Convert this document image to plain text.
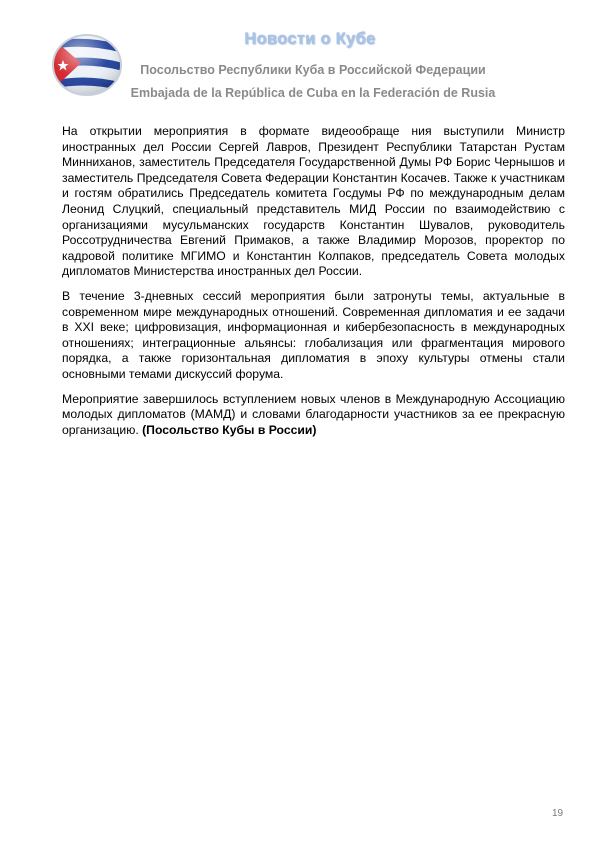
Новости о Кубе
Посольство Республики Куба в Российской Федерации
Embajada de la República de Cuba en la Federación de Rusia

На открытии мероприятия в формате видеообраще ния выступили Министр иностранных дел России Сергей Лавров, Президент Республики Татарстан Рустам Минниханов, заместитель Председателя Государственной Думы РФ Борис Чернышов и заместитель Председателя Совета Федерации Константин Косачев. Также к участникам и гостям обратились Председатель комитета Госдумы РФ по международным делам Леонид Слуцкий, специальный представитель МИД России по взаимодействию с организациями мусульманских государств Константин Шувалов, руководитель Россотрудничества Евгений Примаков, а также Владимир Морозов, проректор по кадровой политике МГИМО и Константин Колпаков, председатель Совета молодых дипломатов Министерства иностранных дел России.

В течение 3-дневных сессий мероприятия были затронуты темы, актуальные в современном мире международных отношений. Современная дипломатия и ее задачи в XXI веке; цифровизация, информационная и кибербезопасность в международных отношениях; интеграционные альянсы: глобализация или фрагментация мирового порядка, а также горизонтальная дипломатия в эпоху культуры отмены стали основными темами дискуссий форума.

Мероприятие завершилось вступлением новых членов в Международную Ассоциацию молодых дипломатов (МАМД) и словами благодарности участников за ее прекрасную организацию. (Посольство Кубы в России)

19
